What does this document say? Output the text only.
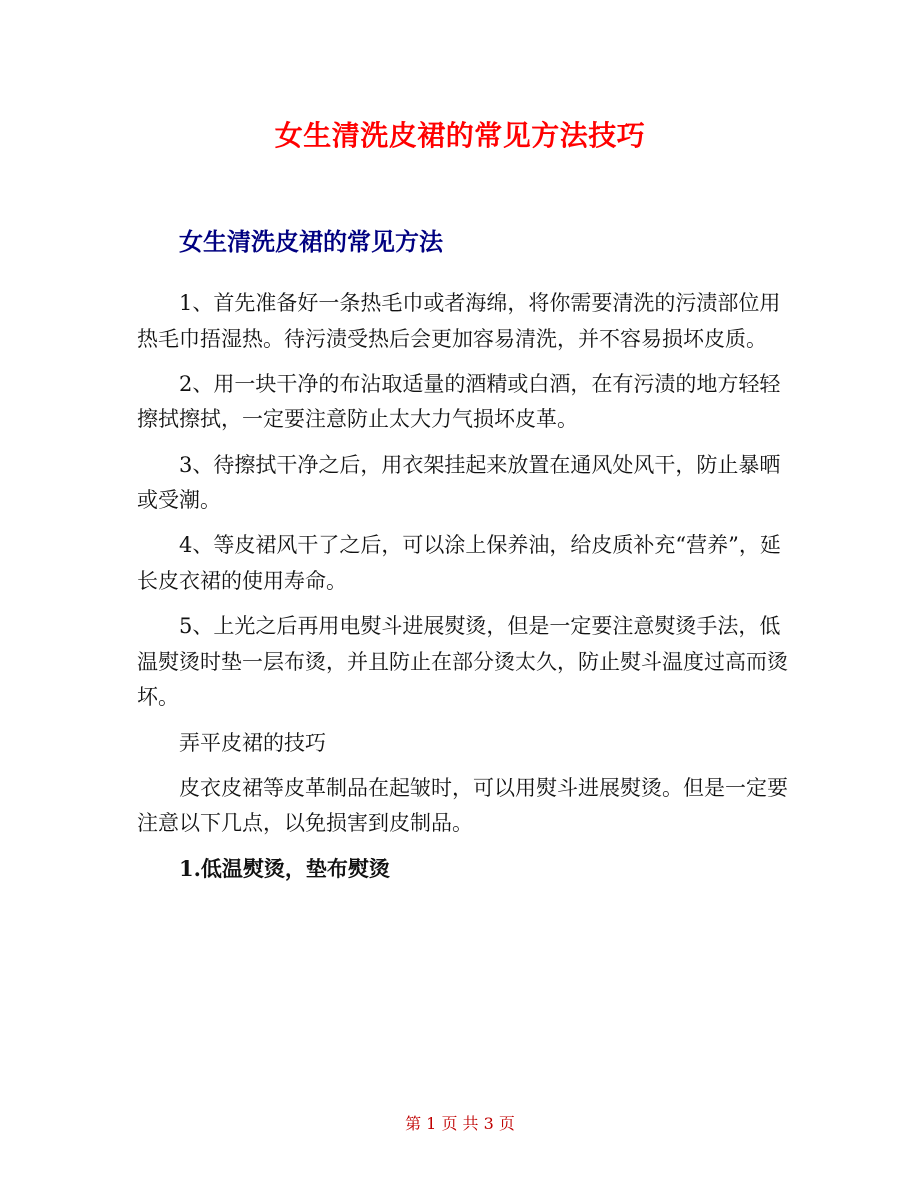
女生清洗皮裙的常见方法技巧
女生清洗皮裙的常见方法

1、首先准备好一条热毛巾或者海绵，将你需要清洗的污渍部位用热毛巾捂湿热。待污渍受热后会更加容易清洗，并不容易损坏皮质。

2、用一块干净的布沾取适量的酒精或白酒，在有污渍的地方轻轻擦拭擦拭，一定要注意防止太大力气损坏皮革。

3、待擦拭干净之后，用衣架挂起来放置在通风处风干，防止暴晒或受潮。

4、等皮裙风干了之后，可以涂上保养油，给皮质补充“营养”，延长皮衣裙的使用寿命。

5、上光之后再用电熨斗进展熨烫，但是一定要注意熨烫手法，低温熨烫时垫一层布烫，并且防止在部分烫太久，防止熨斗温度过高而烫坏。

弄平皮裙的技巧

皮衣皮裙等皮革制品在起皱时，可以用熨斗进展熨烫。但是一定要注意以下几点，以免损害到皮制品。

1.低温熨烫，垫布熨烫

第 1 页 共 3 页
